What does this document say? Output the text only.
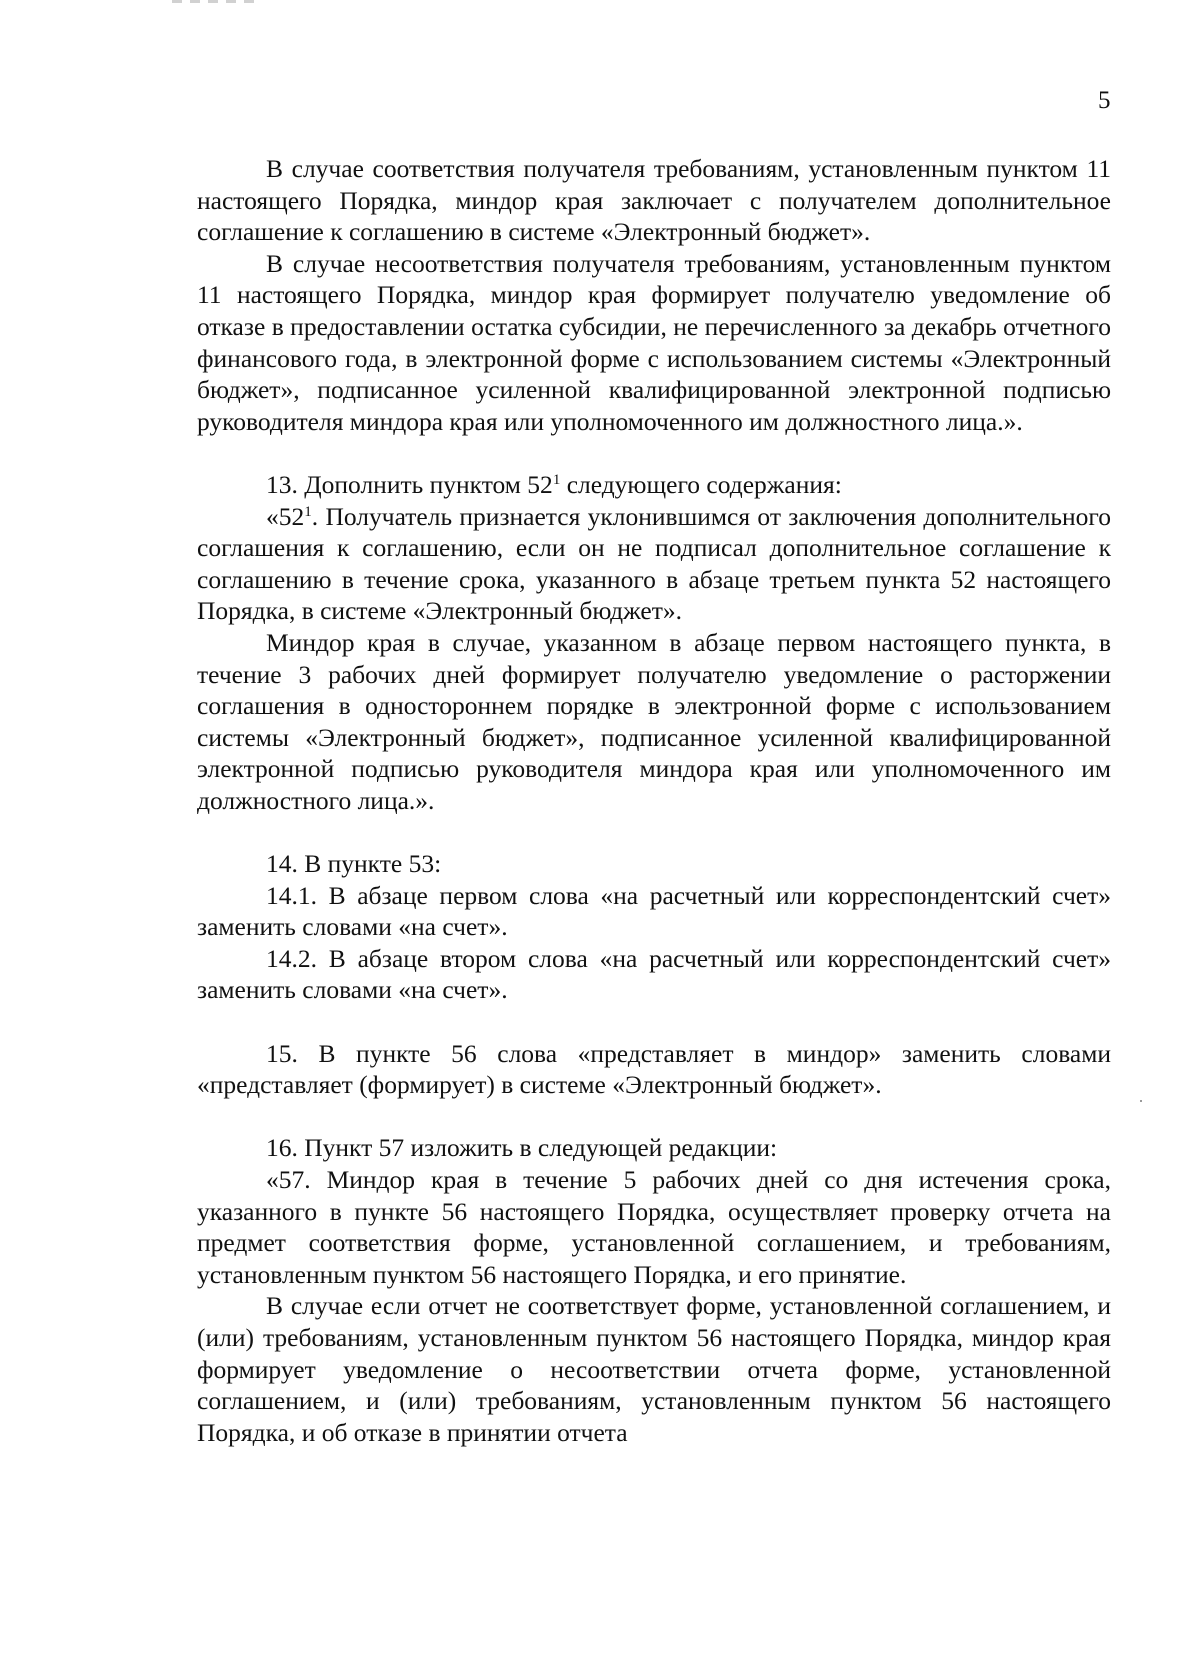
5

В случае соответствия получателя требованиям, установленным пунктом 11 настоящего Порядка, миндор края заключает с получателем дополнительное соглашение к соглашению в системе «Электронный бюджет».

В случае несоответствия получателя требованиям, установленным пунктом 11 настоящего Порядка, миндор края формирует получателю уведомление об отказе в предоставлении остатка субсидии, не перечисленного за декабрь отчетного финансового года, в электронной форме с использованием системы «Электронный бюджет», подписанное усиленной квалифицированной электронной подписью руководителя миндора края или уполномоченного им должностного лица.».

13. Дополнить пунктом $52^1$ следующего содержания:

«$52^1$. Получатель признается уклонившимся от заключения дополнительного соглашения к соглашению, если он не подписал дополнительное соглашение к соглашению в течение срока, указанного в абзаце третьем пункта 52 настоящего Порядка, в системе «Электронный бюджет».

Миндор края в случае, указанном в абзаце первом настоящего пункта, в течение 3 рабочих дней формирует получателю уведомление о расторжении соглашения в одностороннем порядке в электронной форме с использованием системы «Электронный бюджет», подписанное усиленной квалифицированной электронной подписью руководителя миндора края или уполномоченного им должностного лица.».

14. В пункте 53:

14.1. В абзаце первом слова «на расчетный или корреспондентский счет» заменить словами «на счет».

14.2. В абзаце втором слова «на расчетный или корреспондентский счет» заменить словами «на счет».

15. В пункте 56 слова «представляет в миндор» заменить словами «представляет (формирует) в системе «Электронный бюджет».

16. Пункт 57 изложить в следующей редакции:

«57. Миндор края в течение 5 рабочих дней со дня истечения срока, указанного в пункте 56 настоящего Порядка, осуществляет проверку отчета на предмет соответствия форме, установленной соглашением, и требованиям, установленным пунктом 56 настоящего Порядка, и его принятие.

В случае если отчет не соответствует форме, установленной соглашением, и (или) требованиям, установленным пунктом 56 настоящего Порядка, миндор края формирует уведомление о несоответствии отчета форме, установленной соглашением, и (или) требованиям, установленным пунктом 56 настоящего Порядка, и об отказе в принятии отчета
